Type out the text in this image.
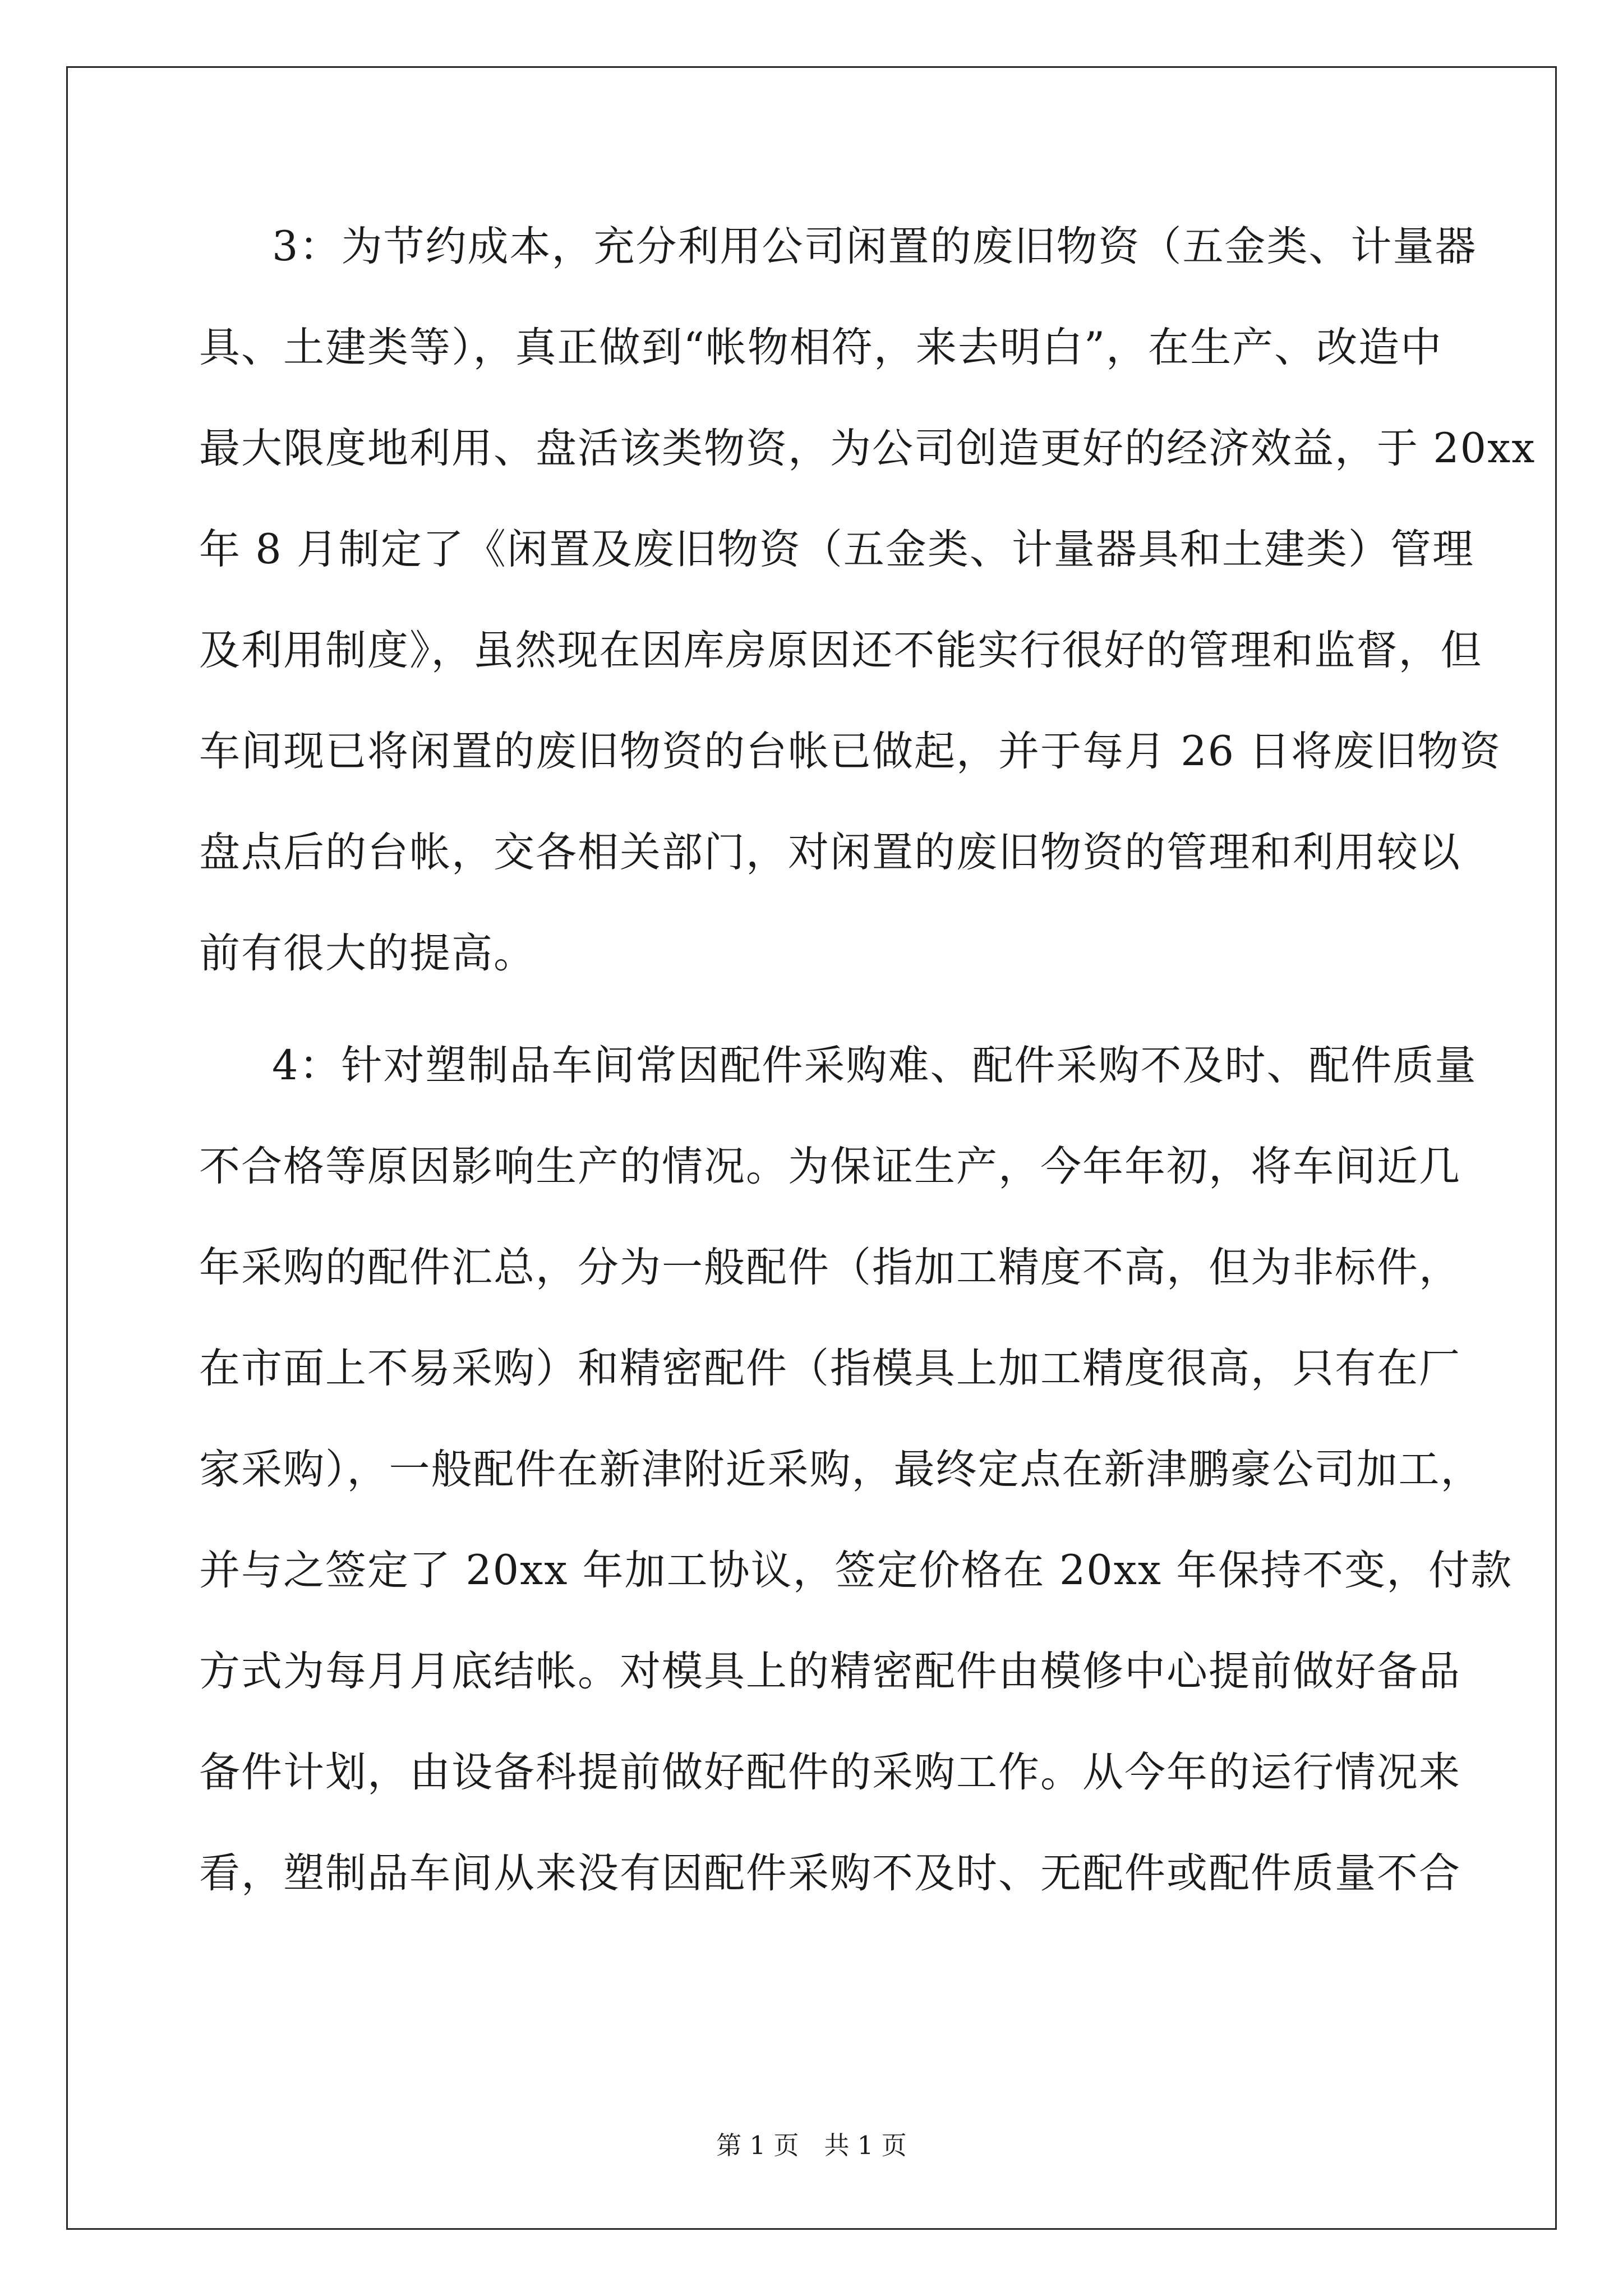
3：为节约成本，充分利用公司闲置的废旧物资（五金类、计量器
具、土建类等），真正做到“帐物相符，来去明白”，在生产、改造中
最大限度地利用、盘活该类物资，为公司创造更好的经济效益，于 20xx
年 8 月制定了《闲置及废旧物资（五金类、计量器具和土建类）管理
及利用制度》，虽然现在因库房原因还不能实行很好的管理和监督，但
车间现已将闲置的废旧物资的台帐已做起，并于每月 26 日将废旧物资
盘点后的台帐，交各相关部门，对闲置的废旧物资的管理和利用较以
前有很大的提高。
4：针对塑制品车间常因配件采购难、配件采购不及时、配件质量
不合格等原因影响生产的情况。为保证生产，今年年初，将车间近几
年采购的配件汇总，分为一般配件（指加工精度不高，但为非标件，
在市面上不易采购）和精密配件（指模具上加工精度很高，只有在厂
家采购），一般配件在新津附近采购，最终定点在新津鹏豪公司加工，
并与之签定了 20xx 年加工协议，签定价格在 20xx 年保持不变，付款
方式为每月月底结帐。对模具上的精密配件由模修中心提前做好备品
备件计划，由设备科提前做好配件的采购工作。从今年的运行情况来
看，塑制品车间从来没有因配件采购不及时、无配件或配件质量不合
第 1 页　共 1 页
